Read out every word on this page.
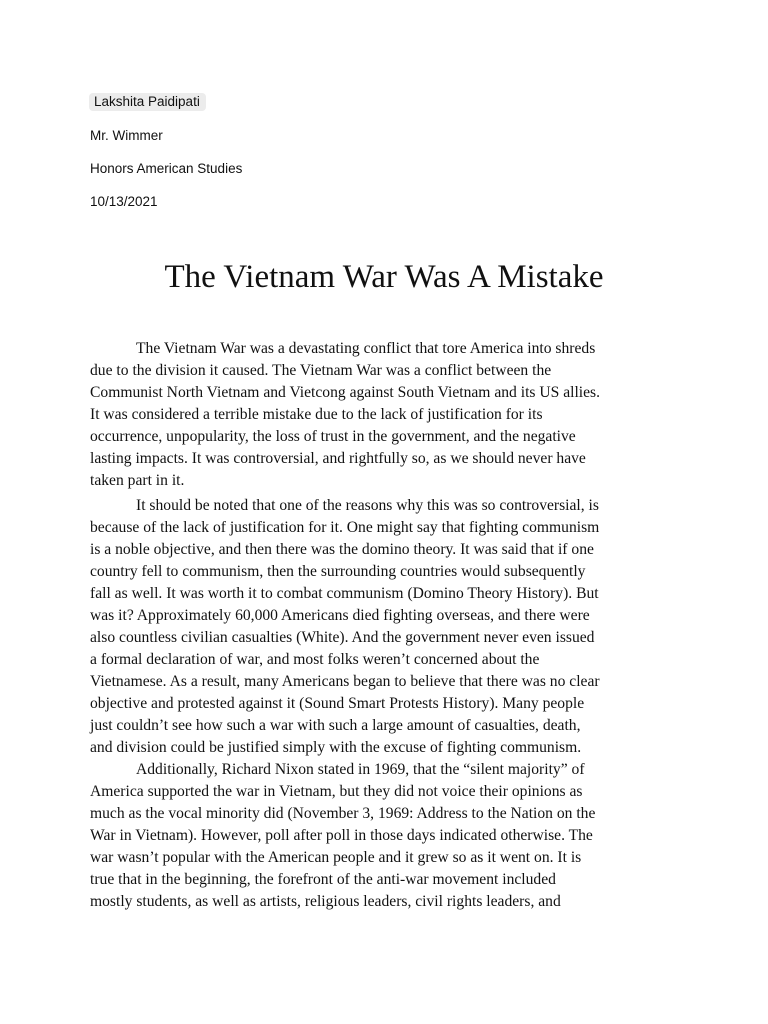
Lakshita Paidipati
Mr. Wimmer
Honors American Studies
10/13/2021
The Vietnam War Was A Mistake
The Vietnam War was a devastating conflict that tore America into shreds
due to the division it caused. The Vietnam War was a conflict between the
Communist North Vietnam and Vietcong against South Vietnam and its US allies.
It was considered a terrible mistake due to the lack of justification for its
occurrence, unpopularity, the loss of trust in the government, and the negative
lasting impacts. It was controversial, and rightfully so, as we should never have
taken part in it.
It should be noted that one of the reasons why this was so controversial, is
because of the lack of justification for it. One might say that fighting communism
is a noble objective, and then there was the domino theory. It was said that if one
country fell to communism, then the surrounding countries would subsequently
fall as well. It was worth it to combat communism (Domino Theory History). But
was it? Approximately 60,000 Americans died fighting overseas, and there were
also countless civilian casualties (White). And the government never even issued
a formal declaration of war, and most folks weren’t concerned about the
Vietnamese. As a result, many Americans began to believe that there was no clear
objective and protested against it (Sound Smart Protests History). Many people
just couldn’t see how such a war with such a large amount of casualties, death,
and division could be justified simply with the excuse of fighting communism.
Additionally, Richard Nixon stated in 1969, that the “silent majority” of
America supported the war in Vietnam, but they did not voice their opinions as
much as the vocal minority did (November 3, 1969: Address to the Nation on the
War in Vietnam). However, poll after poll in those days indicated otherwise. The
war wasn’t popular with the American people and it grew so as it went on. It is
true that in the beginning, the forefront of the anti-war movement included
mostly students, as well as artists, religious leaders, civil rights leaders, and
